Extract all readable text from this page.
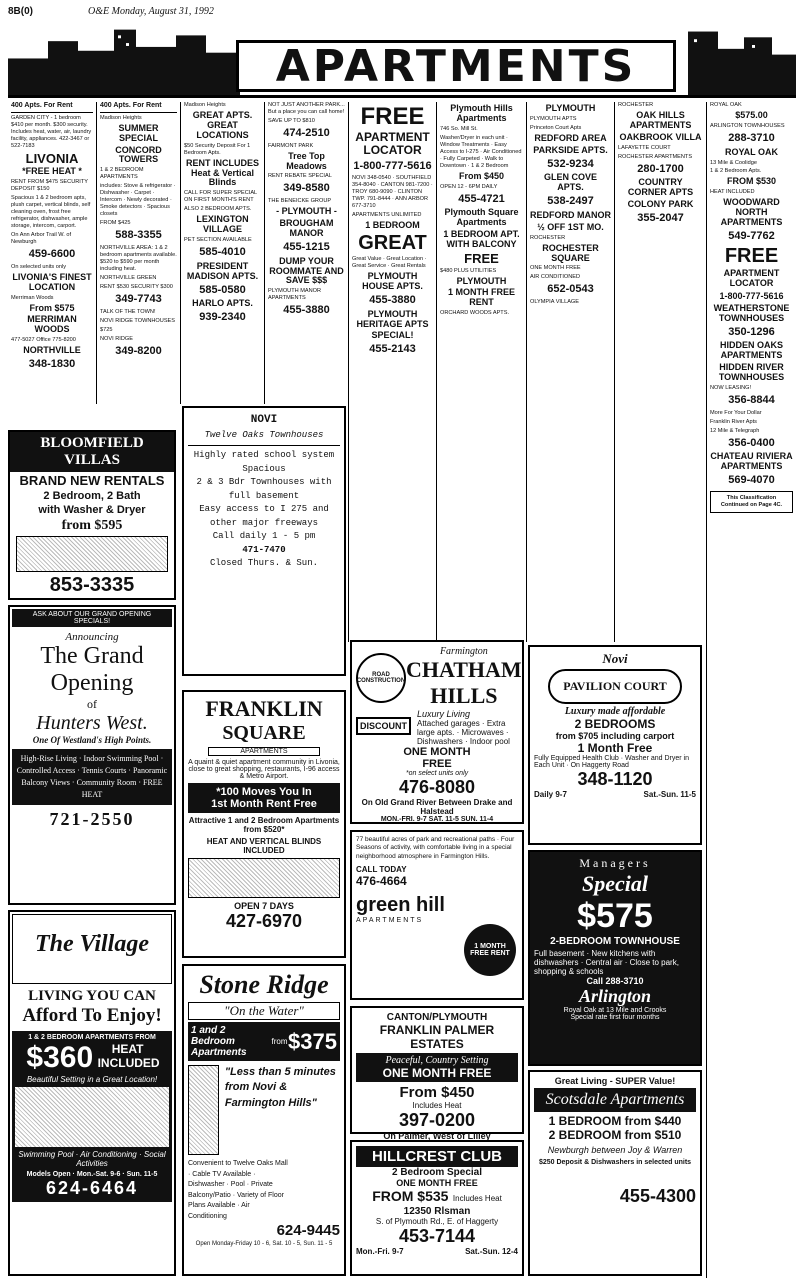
8B(0)	O&E Monday, August 31, 1992
APARTMENTS
400 Apts. For Rent
GARDEN CITY - 1 bedroom $410 per month. $300 security. Includes heat, water, air, laundry facility, appliances. 422-3467 or 522-7183
LIVONIA
*FREE HEAT *
RENT FROM $475 SECURITY DEPOSIT $150
Spacious 1 & 2 bedroom apts, plush carpet, vertical blinds, self cleaning oven, frost free refrigerator, dishwasher, ample storage, intercom, carport.
On Ann Arbor Trail W. of Newburgh
459-6600
On selected units only
LIVONIA'S FINEST LOCATION
Merriman Woods
From $575
MERRIMAN WOODS
477-5027 Office 775-8200
NORTHVILLE
348-1830
400 Apts. For Rent
Madison Heights
SUMMER SPECIAL
CONCORD TOWERS
1 & 2 BEDROOM APARTMENTS
includes: Stove & refrigerator · Dishwasher · Carpet · Intercom · Newly decorated · Smoke detectors · Spacious closets
FROM $425
588-3355
NORTHVILLE AREA: 1 & 2 bedroom apartments available. $520 to $590 per month including heat.
NORTHVILLE GREEN
RENT $530 SECURITY $300
349-7743
TALK OF THE TOWN!
NOVI RIDGE TOWNHOUSES
$725
NOVI RIDGE
349-8200
Madison Heights
GREAT APTS. GREAT LOCATIONS
$50 Security Deposit For 1 Bedroom Apts.
RENT INCLUDES Heat & Vertical Blinds
CALL FOR SUPER SPECIAL ON FIRST MONTH'S RENT
ALSO 2 BEDROOM APTS.
LEXINGTON VILLAGE
PET SECTION AVAILABLE
585-4010
PRESIDENT MADISON APTS.
585-0580
HARLO APTS.
939-2340
NOT JUST ANOTHER PARK... But a place you can call home!
SAVE UP TO $810
474-2510
FAIRMONT PARK
Tree Top Meadows
RENT REBATE SPECIAL
349-8580
THE BENEICKE GROUP
- PLYMOUTH -
BROUGHAM MANOR
455-1215
DUMP YOUR ROOMMATE AND SAVE $$$
PLYMOUTH MANOR APARTMENTS
455-3880
FREE
APARTMENT LOCATOR
1-800-777-5616
NOVI 348-0540 · SOUTHFIELD 354-8040 · CANTON 981-7200 · TROY 680-9090 · CLINTON TWP. 791-8444 · ANN ARBOR 677-3710
APARTMENTS UNLIMITED
1 BEDROOM
GREAT
Great Value · Great Location · Great Service · Great Rentals
PLYMOUTH HOUSE APTS.
455-3880
PLYMOUTH HERITAGE APTS
SPECIAL!
455-2143
Plymouth Hills Apartments
746 So. Mill St.
Washer/Dryer in each unit · Window Treatments · Easy Access to I-275 · Air Conditioned · Fully Carpeted · Walk to Downtown · 1 & 2 Bedroom
From $450
OPEN 12 - 6PM DAILY
455-4721
Plymouth Square Apartments
1 BEDROOM APT. WITH BALCONY
FREE
$480 PLUS UTILITIES
PLYMOUTH
1 MONTH FREE RENT
ORCHARD WOODS APTS.
PLYMOUTH
PLYMOUTH APTS
Princeton Court Apts
REDFORD AREA
PARKSIDE APTS.
532-9234
GLEN COVE APTS.
538-2497
REDFORD MANOR
½ OFF 1ST MO.
ROCHESTER
ROCHESTER SQUARE
ONE MONTH FREE
AIR CONDITIONED
652-0543
OLYMPIA VILLAGE
ROCHESTER
OAK HILLS APARTMENTS
OAKBROOK VILLA
LAFAYETTE COURT
ROCHESTER APARTMENTS
280-1700
COUNTRY CORNER APTS
COLONY PARK
355-2047
ROYAL OAK
$575.00
ARLINGTON TOWNHOUSES
288-3710
ROYAL OAK
13 Mile & Coolidge
1 & 2 Bedroom Apts.
FROM $530
HEAT INCLUDED
WOODWARD NORTH APARTMENTS
549-7762
FREE
APARTMENT LOCATOR
1-800-777-5616
WEATHERSTONE TOWNHOUSES
350-1296
HIDDEN OAKS APARTMENTS
HIDDEN RIVER TOWNHOUSES
NOW LEASING!
356-8844
More For Your Dollar
Franklin River Apts
12 Mile & Telegraph
356-0400
CHATEAU RIVIERA APARTMENTS
569-4070
This Classification Continued on Page 4C.
BLOOMFIELD VILLAS
BRAND NEW RENTALS
2 Bedroom, 2 Bath
with Washer & Dryer
from $595
853-3335
ASK ABOUT OUR GRAND OPENING SPECIALS!
Announcing
The Grand
Opening
of
Hunters West.
One Of Westland's High Points.
High-Rise Living · Indoor Swimming Pool · Controlled Access · Tennis Courts · Panoramic Balcony Views · Community Room · FREE HEAT
721-2550
The Village
LIVING YOU CAN
Afford To Enjoy!
1 & 2 BEDROOM APARTMENTS FROM
$360 HEAT INCLUDED
Beautiful Setting in a Great Location!
Swimming Pool · Air Conditioning · Social Activities
Models Open · Mon.-Sat. 9-6 · Sun. 11-5
624-6464
NOVI
Twelve Oaks Townhouses
Highly rated school system
Spacious
2 & 3 Bdr Townhouses with full basement
Easy access to I 275 and other major freeways
Call daily 1 - 5 pm
471-7470
Closed Thurs. & Sun.
FRANKLIN
SQUARE
APARTMENTS
A quaint & quiet apartment community in Livonia, close to great shopping, restaurants, I-96 access & Metro Airport.
*100 Moves You In
1st Month Rent Free
Attractive 1 and 2 Bedroom Apartments from $520*
HEAT AND VERTICAL BLINDS INCLUDED
OPEN 7 DAYS
427-6970
Stone Ridge
"On the Water"
1 and 2 Bedroom Apartments
from $375
"Less than 5 minutes from Novi & Farmington Hills"
Convenient to Twelve Oaks Mall · Cable TV Available · Dishwasher · Pool · Private Balcony/Patio · Variety of Floor Plans Available · Air Conditioning
624-9445
Open Monday-Friday 10 - 6, Sat. 10 - 5, Sun. 11 - 5
ROAD CONSTRUCTION
Farmington
CHATHAM
HILLS
DISCOUNT
Luxury Living
Attached garages · Extra large apts. · Microwaves · Dishwashers · Indoor pool
ONE MONTH
FREE
*on select units only
476-8080
On Old Grand River Between Drake and Halstead
MON.-FRI. 9-7 SAT. 11-5 SUN. 11-4
77 beautiful acres of park and recreational paths · Four Seasons of activity, with comfortable living in a special neighborhood atmosphere in Farmington Hills.
CALL TODAY
476-4664
1 MONTH FREE RENT
green hill
APARTMENTS
CANTON/PLYMOUTH
FRANKLIN PALMER ESTATES
Peaceful, Country Setting
ONE MONTH FREE
From $450
Includes Heat
397-0200
On Palmer, West of Lilley
HILLCREST CLUB
2 Bedroom Special
ONE MONTH FREE
FROM $535 Includes Heat
12350 Rlsman
S. of Plymouth Rd., E. of Haggerty
453-7144
Mon.-Fri. 9-7	Sat.-Sun. 12-4
Novi
PAVILION COURT
Luxury made affordable
2 BEDROOMS
from $705 including carport
1 Month Free
Fully Equipped Health Club · Washer and Dryer in Each Unit · On Haggerty Road
348-1120
Daily 9-7	Sat.-Sun. 11-5
Managers
Special
$575
2-BEDROOM TOWNHOUSE
Full basement · New kitchens with dishwashers · Central air · Close to park, shopping & schools
Call 288-3710
Arlington
Royal Oak at 13 Mile and Crooks
Special rate first four months
Great Living - SUPER Value!
Scotsdale Apartments
1 BEDROOM from $440
2 BEDROOM from $510
Newburgh between Joy & Warren
$250 Deposit & Dishwashers in selected units
455-4300
